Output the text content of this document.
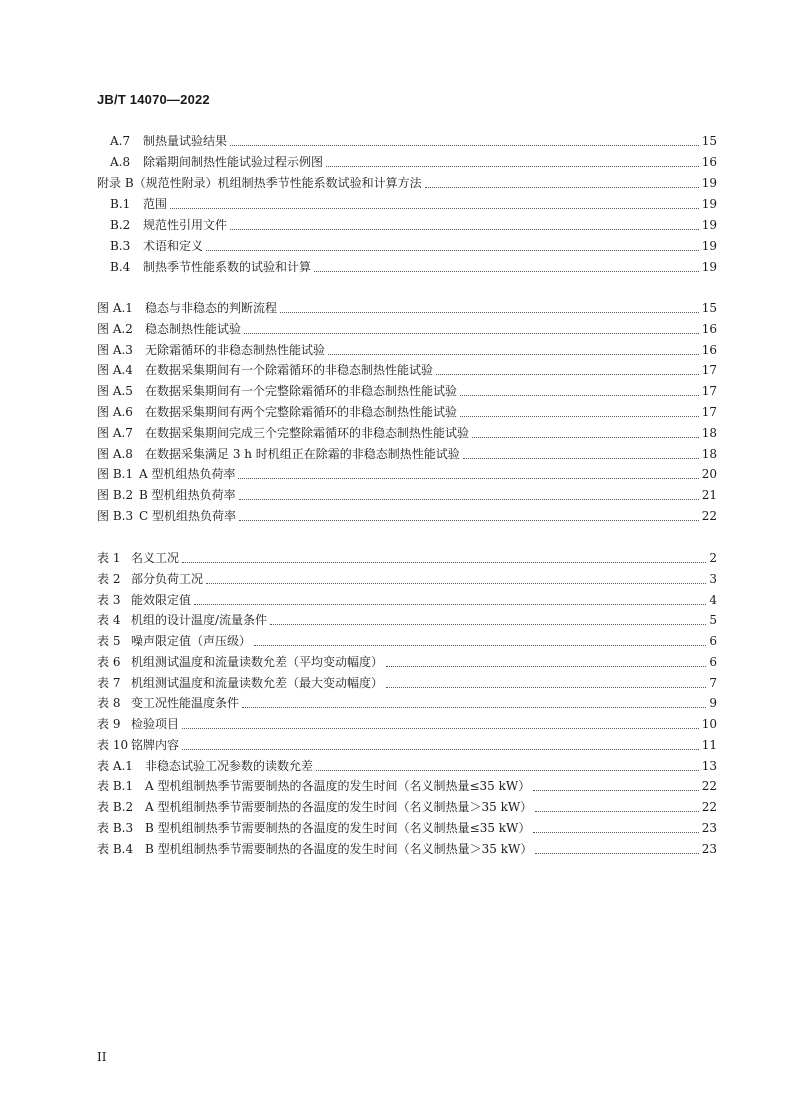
JB/T 14070—2022
A.7	制热量试验结果	15
A.8	除霜期间制热性能试验过程示例图	16
附录 B （规范性附录）机组制热季节性能系数试验和计算方法	19
B.1	范围	19
B.2	规范性引用文件	19
B.3	术语和定义	19
B.4	制热季节性能系数的试验和计算	19
图 A.1	稳态与非稳态的判断流程	15
图 A.2	稳态制热性能试验	16
图 A.3	无除霜循环的非稳态制热性能试验	16
图 A.4	在数据采集期间有一个除霜循环的非稳态制热性能试验	17
图 A.5	在数据采集期间有一个完整除霜循环的非稳态制热性能试验	17
图 A.6	在数据采集期间有两个完整除霜循环的非稳态制热性能试验	17
图 A.7	在数据采集期间完成三个完整除霜循环的非稳态制热性能试验	18
图 A.8	在数据采集满足 3 h 时机组正在除霜的非稳态制热性能试验	18
图 B.1 A 型机组热负荷率	20
图 B.2 B 型机组热负荷率	21
图 B.3 C 型机组热负荷率	22
表 1 名义工况	2
表 2 部分负荷工况	3
表 3 能效限定值	4
表 4 机组的设计温度/流量条件	5
表 5 噪声限定值（声压级）	6
表 6 机组测试温度和流量读数允差（平均变动幅度）	6
表 7 机组测试温度和流量读数允差（最大变动幅度）	7
表 8 变工况性能温度条件	9
表 9 检验项目	10
表 10 铭牌内容	11
表 A.1	非稳态试验工况参数的读数允差	13
表 B.1 A 型机组制热季节需要制热的各温度的发生时间（名义制热量≤35 kW）	22
表 B.2 A 型机组制热季节需要制热的各温度的发生时间（名义制热量＞35 kW）	22
表 B.3 B 型机组制热季节需要制热的各温度的发生时间（名义制热量≤35 kW）	23
表 B.4 B 型机组制热季节需要制热的各温度的发生时间（名义制热量＞35 kW）	23
II
